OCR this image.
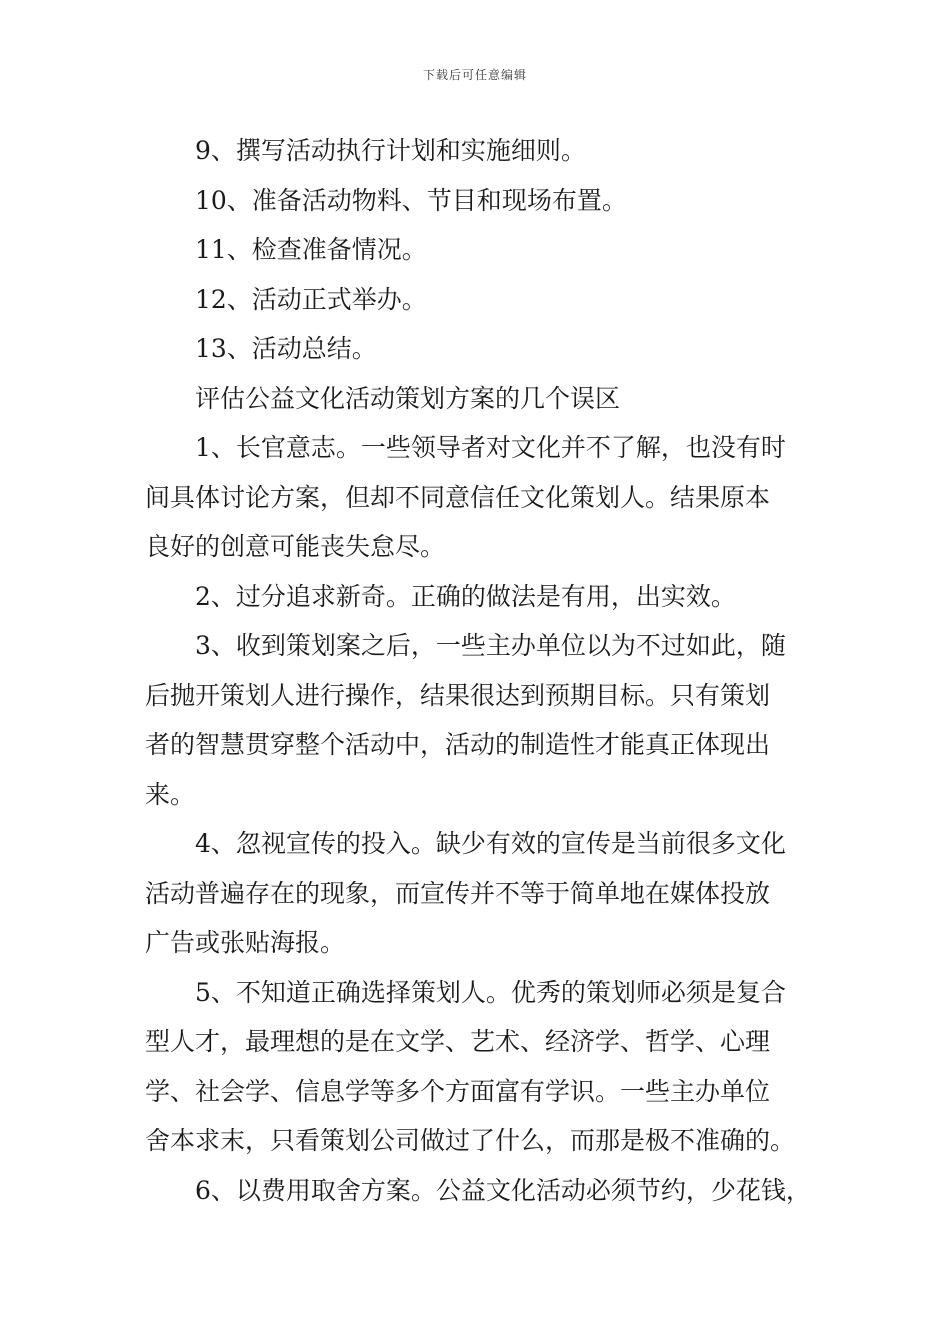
下载后可任意编辑
9、撰写活动执行计划和实施细则。
10、准备活动物料、节目和现场布置。
11、检查准备情况。
12、活动正式举办。
13、活动总结。
评估公益文化活动策划方案的几个误区
1、长官意志。一些领导者对文化并不了解，也没有时
间具体讨论方案，但却不同意信任文化策划人。结果原本
良好的创意可能丧失怠尽。
2、过分追求新奇。正确的做法是有用，出实效。
3、收到策划案之后，一些主办单位以为不过如此，随
后抛开策划人进行操作，结果很达到预期目标。只有策划
者的智慧贯穿整个活动中，活动的制造性才能真正体现出
来。
4、忽视宣传的投入。缺少有效的宣传是当前很多文化
活动普遍存在的现象，而宣传并不等于简单地在媒体投放
广告或张贴海报。
5、不知道正确选择策划人。优秀的策划师必须是复合
型人才，最理想的是在文学、艺术、经济学、哲学、心理
学、社会学、信息学等多个方面富有学识。一些主办单位
舍本求末，只看策划公司做过了什么，而那是极不准确的。
6、以费用取舍方案。公益文化活动必须节约，少花钱，
